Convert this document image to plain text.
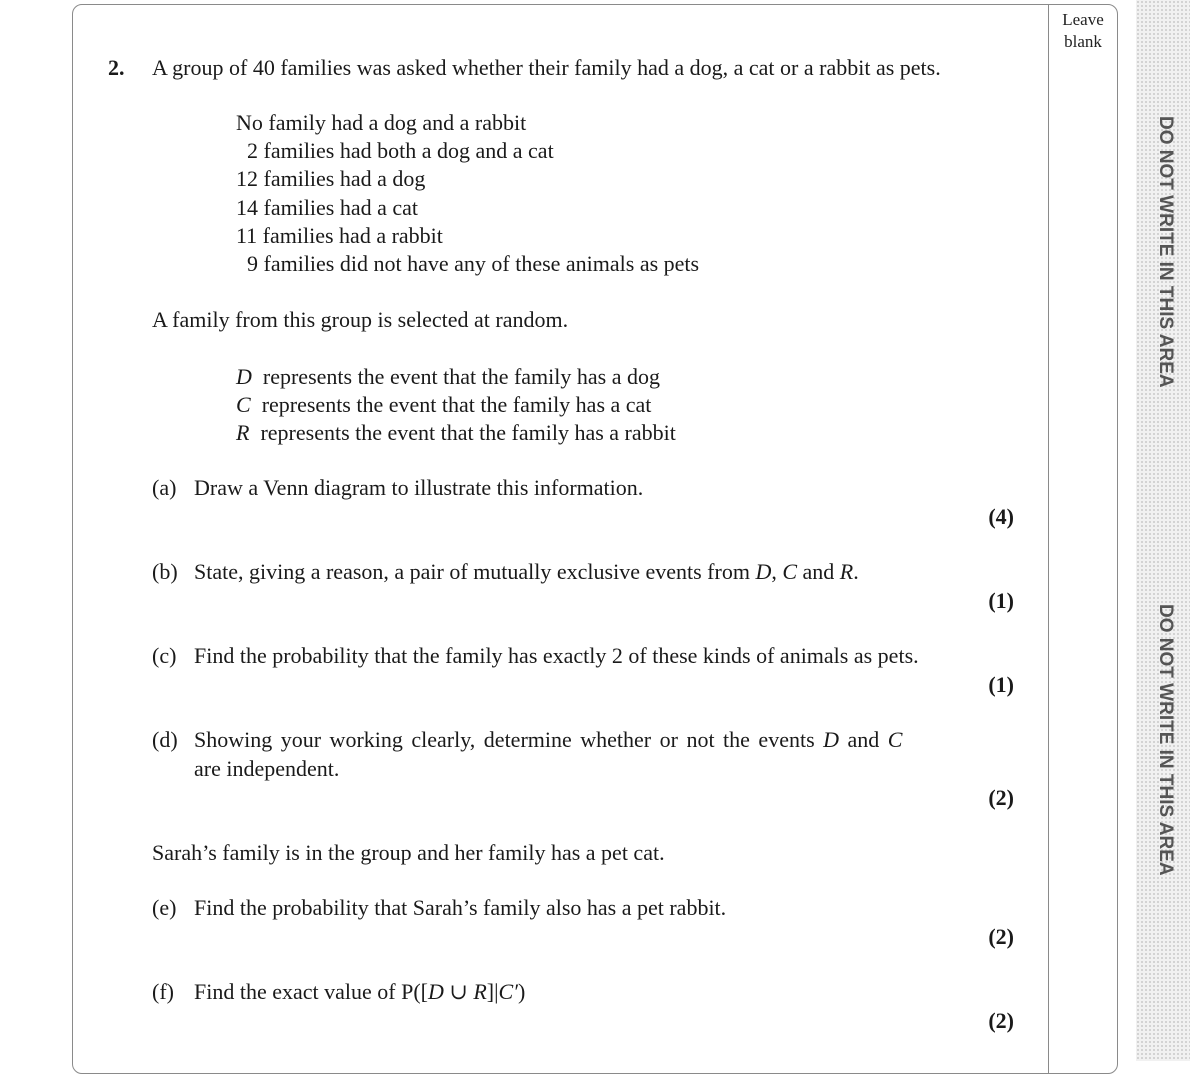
Leave
blank
DO NOT WRITE IN THIS AREA
DO NOT WRITE IN THIS AREA
2. A group of 40 families was asked whether their family had a dog, a cat or a rabbit as pets.
No family had a dog and a rabbit
2 families had both a dog and a cat
12 families had a dog
14 families had a cat
11 families had a rabbit
9 families did not have any of these animals as pets
A family from this group is selected at random.
D represents the event that the family has a dog
C represents the event that the family has a cat
R represents the event that the family has a rabbit
(a) Draw a Venn diagram to illustrate this information.
(4)
(b) State, giving a reason, a pair of mutually exclusive events from D, C and R.
(1)
(c) Find the probability that the family has exactly 2 of these kinds of animals as pets.
(1)
(d) Showing your working clearly, determine whether or not the events D and C
are independent.
(2)
Sarah’s family is in the group and her family has a pet cat.
(e) Find the probability that Sarah’s family also has a pet rabbit.
(2)
(f) Find the exact value of P([D ∪ R]|C′)
(2)
